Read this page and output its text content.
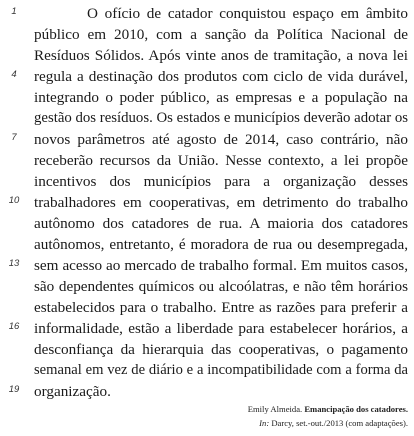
O ofício de catador conquistou espaço em âmbito
público em 2010, com a sanção da Política Nacional de
Resíduos Sólidos. Após vinte anos de tramitação, a nova lei
regula a destinação dos produtos com ciclo de vida durável,
integrando o poder público, as empresas e a população na
gestão dos resíduos. Os estados e municípios deverão adotar os
novos parâmetros até agosto de 2014, caso contrário, não
receberão recursos da União. Nesse contexto, a lei propõe
incentivos dos municípios para a organização desses
trabalhadores em cooperativas, em detrimento do trabalho
autônomo dos catadores de rua. A maioria dos catadores
autônomos, entretanto, é moradora de rua ou desempregada,
sem acesso ao mercado de trabalho formal. Em muitos casos,
são dependentes químicos ou alcoólatras, e não têm horários
estabelecidos para o trabalho. Entre as razões para preferir a
informalidade, estão a liberdade para estabelecer horários, a
desconfiança da hierarquia das cooperativas, o pagamento
semanal em vez de diário e a incompatibilidade com a forma da
organização.
1
4
7
10
13
16
19
Emily Almeida. Emancipação dos catadores.
In: Darcy, set.-out./2013 (com adaptações).
